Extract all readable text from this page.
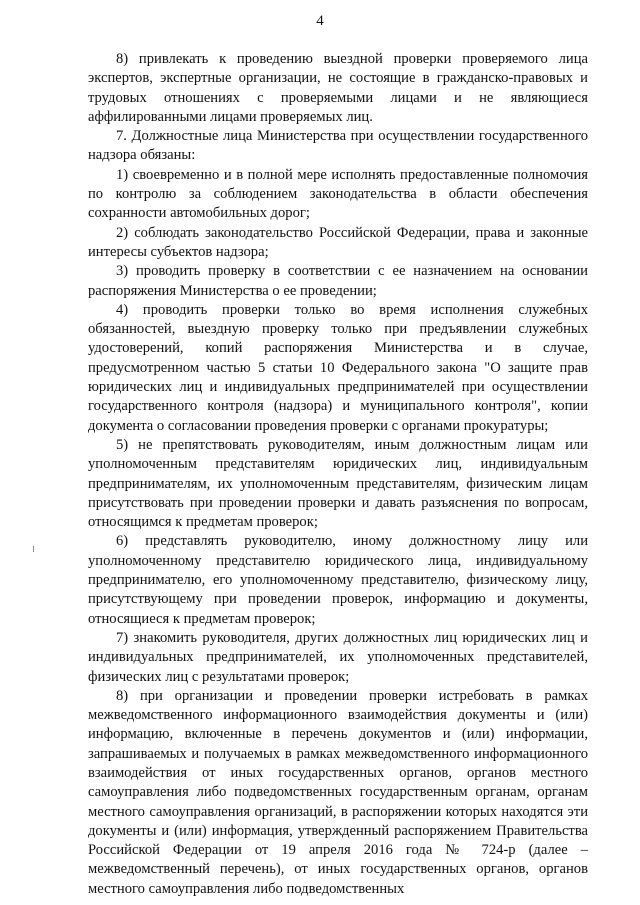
4

8) привлекать к проведению выездной проверки проверяемого лица экспертов, экспертные организации, не состоящие в гражданско-правовых и трудовых отношениях с проверяемыми лицами и не являющиеся аффилированными лицами проверяемых лиц.

7. Должностные лица Министерства при осуществлении государственного надзора обязаны:

1) своевременно и в полной мере исполнять предоставленные полномочия по контролю за соблюдением законодательства в области обеспечения сохранности автомобильных дорог;

2) соблюдать законодательство Российской Федерации, права и законные интересы субъектов надзора;

3) проводить проверку в соответствии с ее назначением на основании распоряжения Министерства о ее проведении;

4) проводить проверки только во время исполнения служебных обязанностей, выездную проверку только при предъявлении служебных удостоверений, копий распоряжения Министерства и в случае, предусмотренном частью 5 статьи 10 Федерального закона "О защите прав юридических лиц и индивидуальных предпринимателей при осуществлении государственного контроля (надзора) и муниципального контроля", копии документа о согласовании проведения проверки с органами прокуратуры;

5) не препятствовать руководителям, иным должностным лицам или уполномоченным представителям юридических лиц, индивидуальным предпринимателям, их уполномоченным представителям, физическим лицам присутствовать при проведении проверки и давать разъяснения по вопросам, относящимся к предметам проверок;

6) представлять руководителю, иному должностному лицу или уполномоченному представителю юридического лица, индивидуальному предпринимателю, его уполномоченному представителю, физическому лицу, присутствующему при проведении проверок, информацию и документы, относящиеся к предметам проверок;

7) знакомить руководителя, других должностных лиц юридических лиц и индивидуальных предпринимателей, их уполномоченных представителей, физических лиц с результатами проверок;

8) при организации и проведении проверки истребовать в рамках межведомственного информационного взаимодействия документы и (или) информацию, включенные в перечень документов и (или) информации, запрашиваемых и получаемых в рамках межведомственного информационного взаимодействия от иных государственных органов, органов местного самоуправления либо подведомственных государственным органам, органам местного самоуправления организаций, в распоряжении которых находятся эти документы и (или) информация, утвержденный распоряжением Правительства Российской Федерации от 19 апреля 2016 года № 724-р (далее – межведомственный перечень), от иных государственных органов, органов местного самоуправления либо подведомственных
